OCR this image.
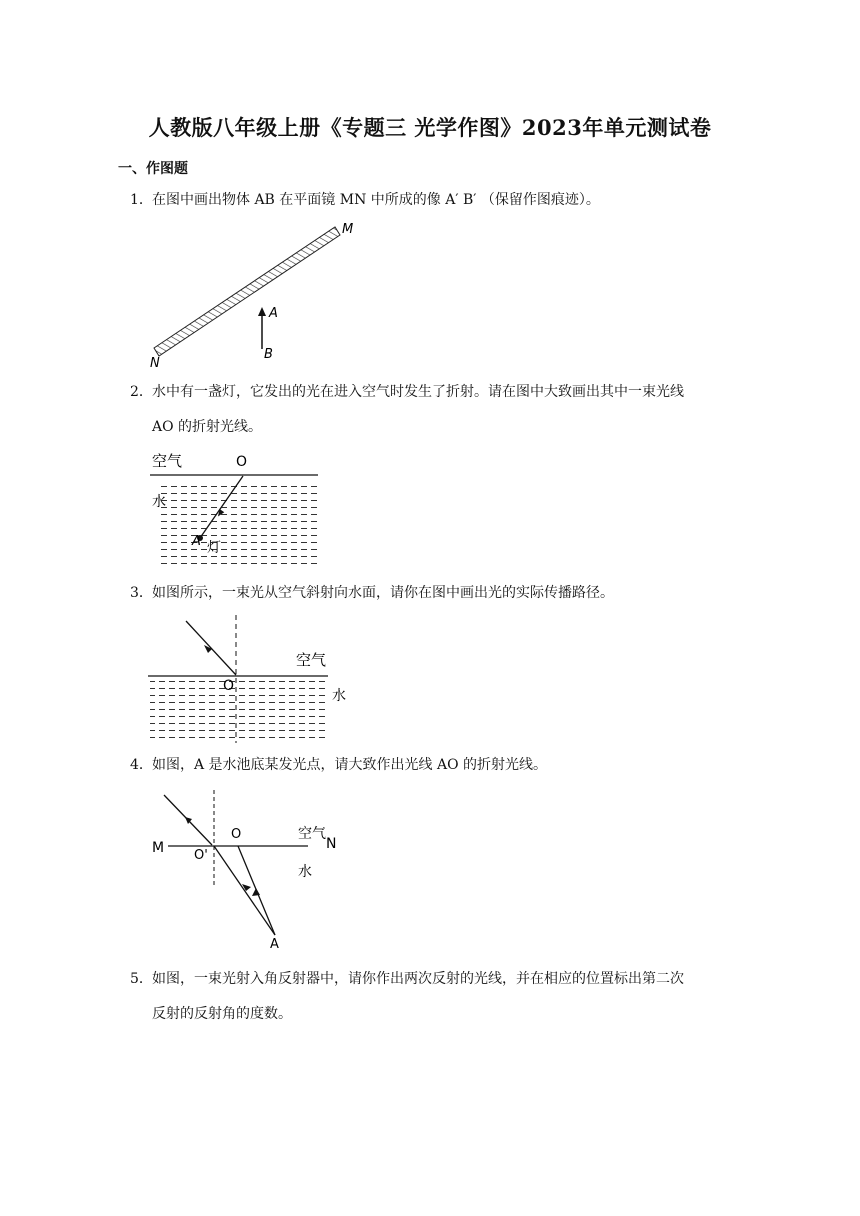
人教版八年级上册《专题三 光学作图》2023年单元测试卷
一、作图题
1．在图中画出物体 AB 在平面镜 MN 中所成的像 A′ B′ （保留作图痕迹）。
M
N
A
B
2．水中有一盏灯，它发出的光在进入空气时发生了折射。请在图中大致画出其中一束光线
AO 的折射光线。
空气	O
水
A 灯
3．如图所示，一束光从空气斜射向水面，请你在图中画出光的实际传播路径。
空气
O
水
4．如图，A 是水池底某发光点，请大致作出光线 AO 的折射光线。
M	N
空气
水
O
O'
A
5．如图，一束光射入角反射器中，请你作出两次反射的光线，并在相应的位置标出第二次
反射的反射角的度数。
